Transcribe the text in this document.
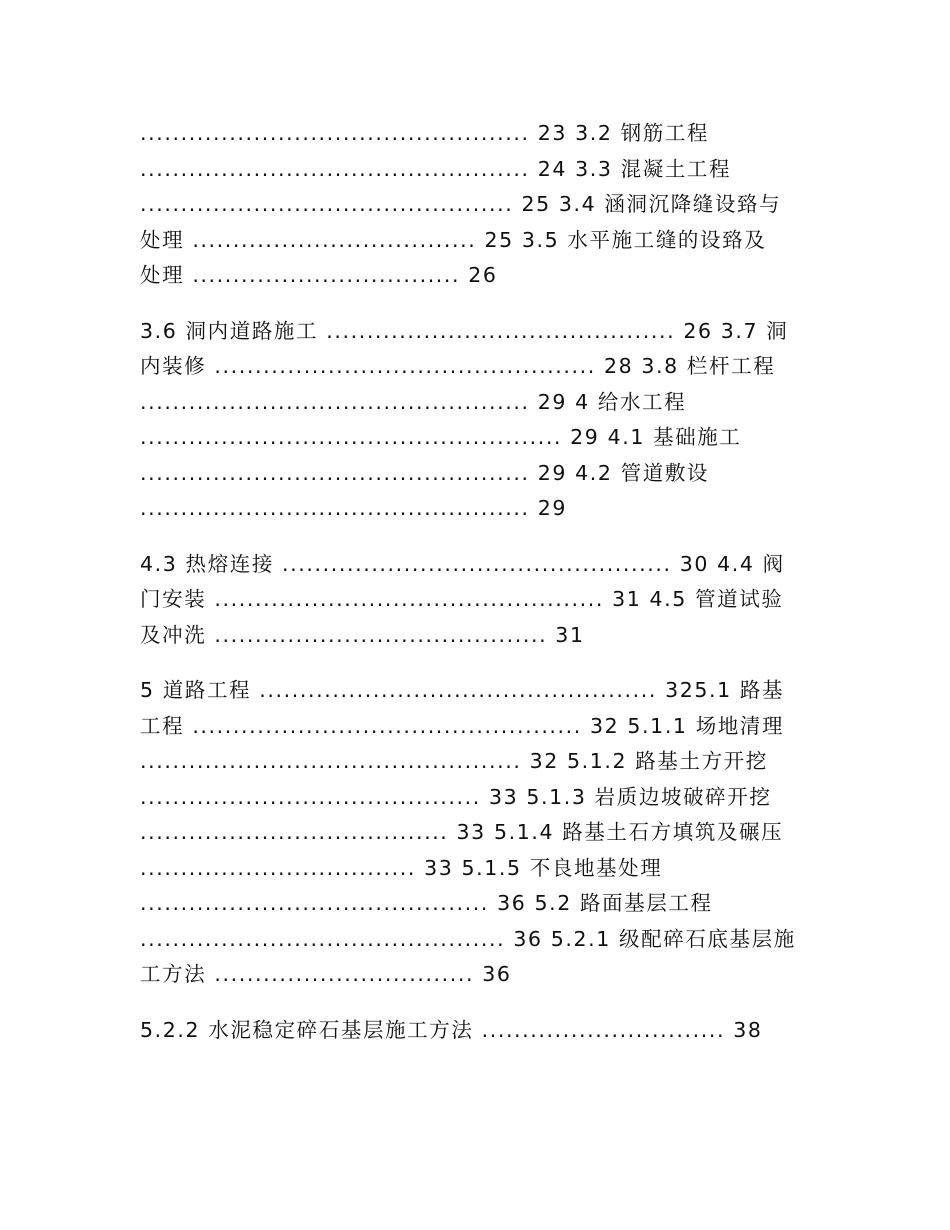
................................................ 23 3.2 钢筋工程
................................................ 24 3.3 混凝土工程
.............................................. 25 3.4 涵洞沉降缝设臵与
处理 ................................... 25 3.5 水平施工缝的设臵及
处理 ................................. 26
3.6 洞内道路施工 ........................................... 26 3.7 洞
内装修 ............................................... 28 3.8 栏杆工程
................................................ 29 4 给水工程
.................................................... 29 4.1 基础施工
................................................ 29 4.2 管道敷设
................................................ 29
4.3 热熔连接 ................................................ 30 4.4 阀
门安装 ................................................ 31 4.5 管道试验
及冲洗 ......................................... 31
5 道路工程 ................................................. 325.1 路基
工程 ................................................ 32 5.1.1 场地清理
............................................... 32 5.1.2 路基土方开挖
.......................................... 33 5.1.3 岩质边坡破碎开挖
...................................... 33 5.1.4 路基土石方填筑及碾压
.................................. 33 5.1.5 不良地基处理
........................................... 36 5.2 路面基层工程
............................................. 36 5.2.1 级配碎石底基层施
工方法 ................................ 36
5.2.2 水泥稳定碎石基层施工方法 .............................. 38
